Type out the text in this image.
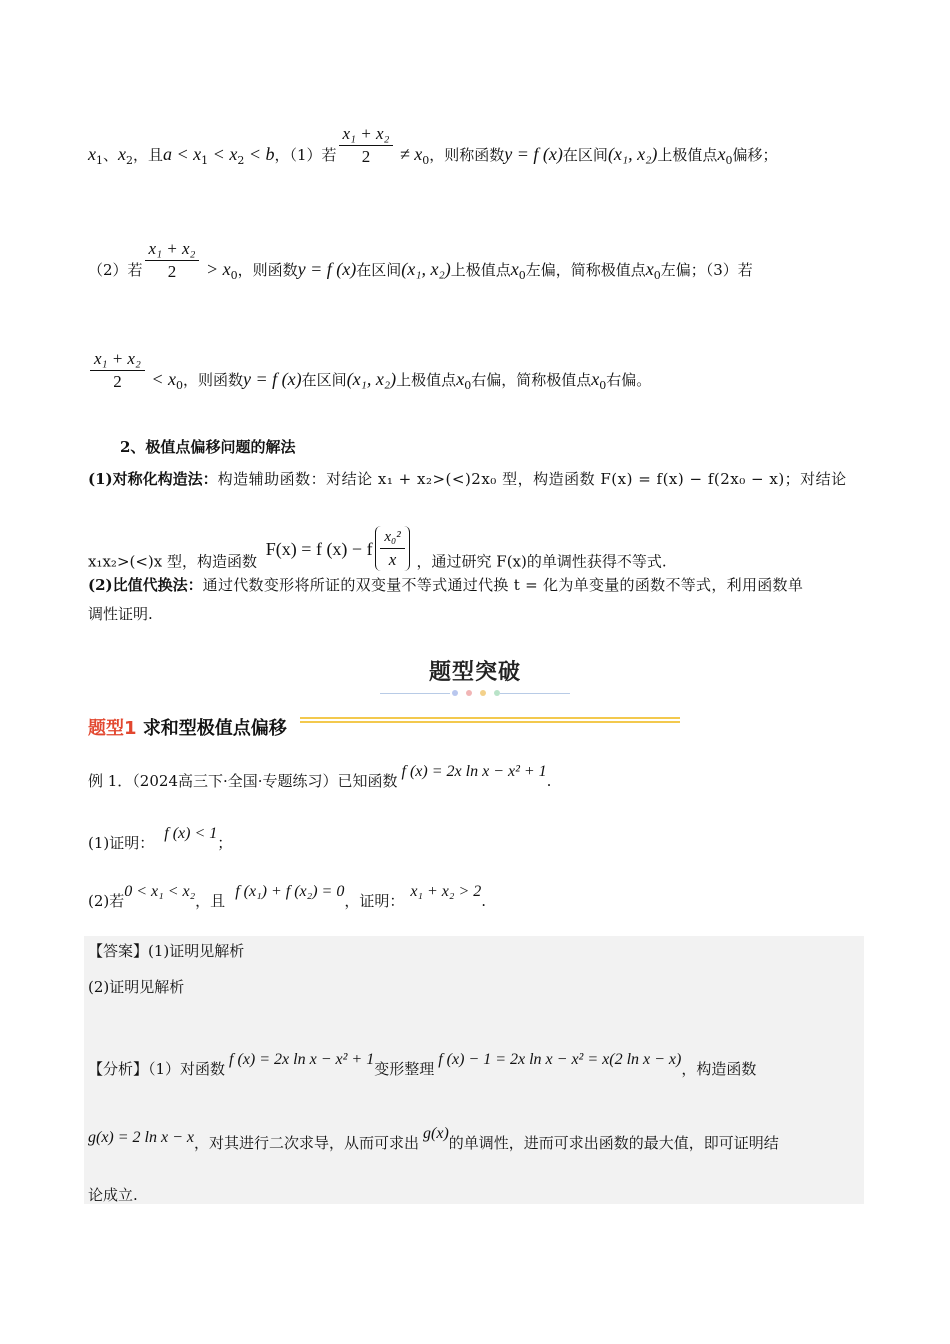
$x_1$、$x_2$，且$a < x_1 < x_2 < b$，（1）若 $\frac{\text{x₁ + x₂}}{2} \ne x_0$，则称函数y = f (x)在区间(x₁, x₂)上极值点$x_0$偏移；
（2）若 $\frac{\text{x₁ + x₂}}{2} > x_0$，则函数y = f (x)在区间(x₁, x₂)上极值点$x_0$左偏，简称极值点$x_0$左偏；（3）若
$\frac{\text{x₁ + x₂}}{2} < x_0$，则函数y = f (x)在区间(x₁, x₂)上极值点$x_0$右偏，简称极值点$x_0$右偏。
2、极值点偏移问题的解法
(1)对称化构造法：构造辅助函数：对结论 x₁ + x₂>(<)2x₀ 型，构造函数 F(x) = f(x) − f(2x₀ − x)；对结论
x₁x₂>(<)x 型，构造函数 F(x) = f (x) − f $\frac{\text{x₀²}}{x}$ ，通过研究 F(x)的单调性获得不等式.
(2)比值代换法：通过代数变形将所证的双变量不等式通过代换 t = 化为单变量的函数不等式，利用函数单
调性证明.
题型突破
题型1 求和型极值点偏移
例 1．（2024高三下·全国·专题练习）已知函数f (x) = 2x ln x − x² + 1.
(1)证明：f (x) < 1；
(2)若0 < x₁ < x₂，且f (x₁) + f (x₂) = 0，证明：x₁ + x₂ > 2.
【答案】(1)证明见解析
(2)证明见解析
【分析】（1）对函数f (x) = 2x ln x − x² + 1变形整理f (x) − 1 = 2x ln x − x² = x(2 ln x − x)，构造函数
g(x) = 2 ln x − x，对其进行二次求导，从而可求出g(x)的单调性，进而可求出函数的最大值，即可证明结
论成立.
